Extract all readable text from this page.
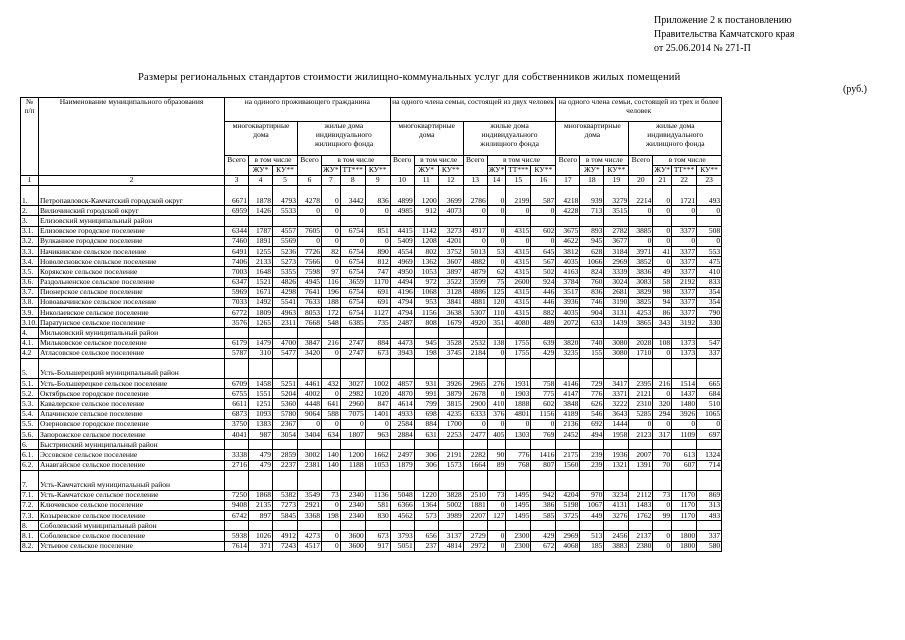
Приложение 2 к постановлению
Правительства Камчатского края
от 25.06.2014 № 271-П
Размеры региональных стандартов стоимости жилищно-коммунальных услуг для собственников жилых помещений
(руб.)
№ п/п	Наименование муниципального образования	на одиного проживающего гражданина							на одного члена семьи, состоящей из двух человек							на одного члена семьи, состоящей из трех и более человек						
		многоквартирные дома			жилые дома индивидуального жилищного фонда				многоквартирные дома			жилые дома индивидуального жилищного фонда				многоквартирные дома			жилые дома индивидуального жилищного фонда			
		Всего	в том числе		Всего	в том числе			Всего	в том числе		Всего	в том числе			Всего	в том числе		Всего	в том числе		
			ЖУ*	КУ**		ЖУ*	ТТ***	КУ**		ЖУ*	КУ**		ЖУ*	ТТ***	КУ**		ЖУ*	КУ**		ЖУ*	ТТ***	КУ**
1	2	3	4	5	6	7	8	9	10	11	12	13	14	15	16	17	18	19	20	21	22	23
1.	Петропавловск-Камчатский городской округ	6671	1878	4793	4278	0	3442	836	4899	1200	3699	2786	0	2199	587	4218	939	3279	2214	0	1721	493
2.	Вилючинский городской округ	6959	1426	5533	0	0	0	0	4985	912	4073	0	0	0	0	4228	713	3515	0	0	0	0
3.	Елизовский муниципальный район																					
3.1.	Елизовское городское поселение	6344	1787	4557	7605	0	6754	851	4415	1142	3273	4917	0	4315	602	3675	893	2782	3885	0	3377	508
3.2.	Вулканное городское поселение	7460	1891	5569	0	0	0	0	5409	1208	4201	0	0	0	0	4622	945	3677	0	0	0	0
3.3.	Начикинское сельское поселение	6491	1255	5236	7726	82	6754	890	4554	802	3752	5013	53	4315	645	3812	628	3184	3971	41	3377	553
3.4.	Новолесновское сельское поселение	7406	2133	5273	7566	0	6754	812	4969	1362	3607	4882	0	4315	567	4035	1066	2969	3852	0	3377	475
3.5.	Корякское сельское поселение	7003	1648	5355	7598	97	6754	747	4950	1053	3897	4879	62	4315	502	4163	824	3339	3836	49	3377	410
3.6.	Раздольненское сельское поселение	6347	1521	4826	4945	116	3659	1170	4494	972	3522	3599	75	2600	924	3784	760	3024	3083	58	2192	833
3.7.	Пионерское сельское поселение	5969	1671	4298	7641	196	6754	691	4196	1068	3128	4886	125	4315	446	3517	836	2681	3829	98	3377	354
3.8.	Новоавачинское сельское поселение	7033	1492	5541	7633	188	6754	691	4794	953	3841	4881	120	4315	446	3936	746	3190	3825	94	3377	354
3.9.	Николаевское сельское поселение	6772	1809	4963	8053	172	6754	1127	4794	1156	3638	5307	110	4315	882	4035	904	3131	4253	86	3377	790
3.10.	Паратунское сельское поселение	3576	1265	2311	7668	548	6385	735	2487	808	1679	4920	351	4080	489	2072	633	1439	3865	343	3192	330
4.	Мильковский муниципальный район																					
4.1.	Мильковское сельское поселение	6179	1479	4700	3847	216	2747	884	4473	945	3528	2532	138	1755	639	3820	740	3080	2028	108	1373	547
4.2	Атласовское сельское поселение	5787	310	5477	3420	0	2747	673	3943	198	3745	2184	0	1755	429	3235	155	3080	1710	0	1373	337
5.	Усть-Большерецкий муниципальный район																					
5.1.	Усть-Большерецкое сельское поселение	6709	1458	5251	4461	432	3027	1002	4857	931	3926	2965	276	1931	758	4146	729	3417	2395	216	1514	665
5.2.	Октябрьское городское поселение	6755	1551	5204	4002	0	2982	1020	4870	991	3879	2678	0	1903	775	4147	776	3371	2121	0	1437	684
5.3.	Кавалерское сельское поселение	6611	1251	5360	4448	641	2960	847	4614	799	3815	2900	410	1888	602	3848	626	3222	2310	320	1480	510
5.4.	Апачинское сельское поселение	6873	1093	5780	9064	588	7075	1401	4933	698	4235	6333	376	4801	1156	4189	546	3643	5285	294	3926	1065
5.5.	Озерновское городское поселение	3750	1383	2367	0	0	0	0	2584	884	1700	0	0	0	0	2136	692	1444	0	0	0	0
5.6.	Запорожское сельское поселение	4041	987	3054	3404	634	1807	963	2884	631	2253	2477	405	1303	769	2452	494	1958	2123	317	1109	697
6.	Быстринский муниципальный район																					
6.1.	Эссовское сельское поселение	3338	479	2859	3002	140	1200	1662	2497	306	2191	2282	90	776	1416	2175	239	1936	2007	70	613	1324
6.2.	Анавгайское сельское поселение	2716	479	2237	2381	140	1188	1053	1879	306	1573	1664	89	768	807	1560	239	1321	1391	70	607	714
7.	Усть-Камчатский муниципальный район																					
7.1.	Усть-Камчатское сельское поселение	7250	1868	5382	3549	73	2340	1136	5048	1220	3828	2510	73	1495	942	4204	970	3234	2112	73	1170	869
7.2.	Ключевское сельское поселение	9408	2135	7273	2921	0	2340	581	6366	1364	5002	1881	0	1495	386	5198	1067	4131	1483	0	1170	313
7.3.	Козыревское сельское поселение	6742	897	5845	3368	198	2340	830	4562	573	3989	2207	127	1495	585	3725	449	3276	1762	99	1170	493
8.	Соболевский муниципальный район																					
8.1.	Соболевское сельское поселение	5938	1026	4912	4273	0	3600	673	3793	656	3137	2729	0	2300	429	2969	513	2456	2137	0	1800	337
8.2.	Устьевое сельское поселение	7614	371	7243	4517	0	3600	917	5051	237	4814	2972	0	2300	672	4068	185	3883	2380	0	1800	580
